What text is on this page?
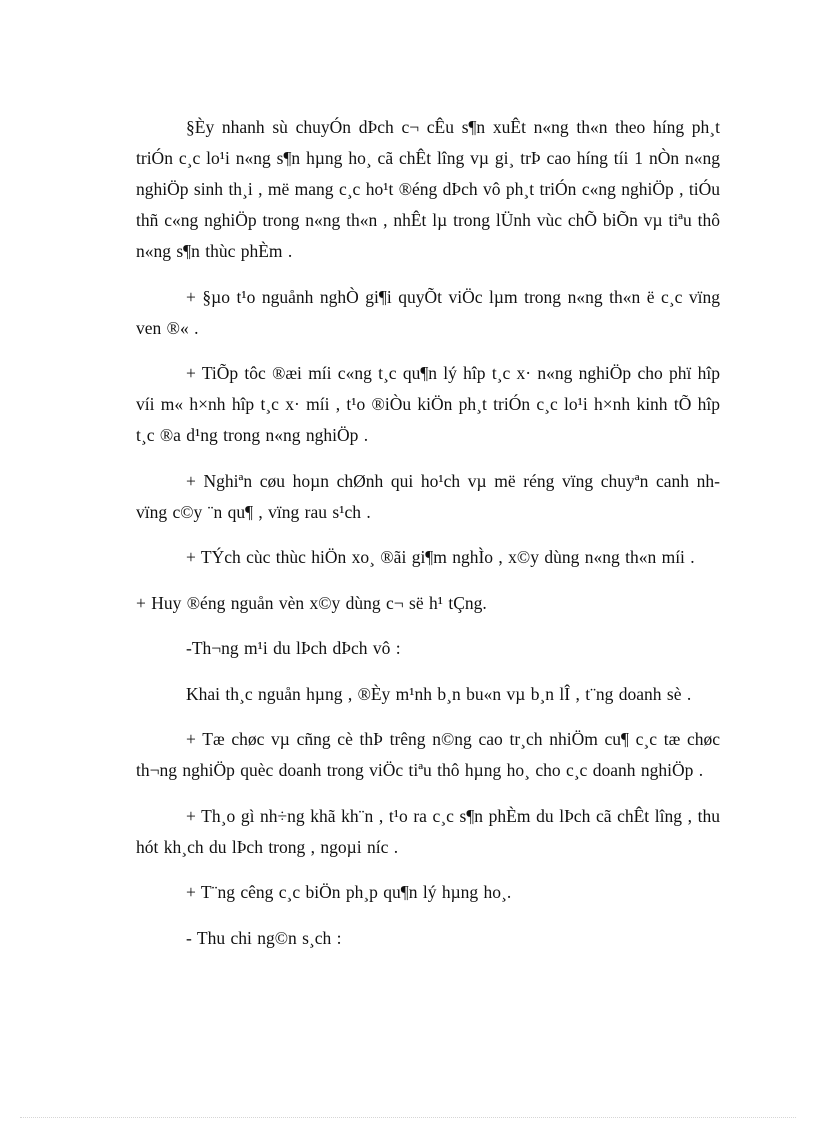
§Èy nhanh sù chuyÓn dÞch c¬ cÊu s¶n xuÊt n«ng th«n theo híng ph¸t triÓn c¸c lo¹i n«ng s¶n hµng ho¸ cã chÊt lîng vµ gi¸ trÞ cao híng tíi 1 nÒn n«ng nghiÖp sinh th¸i , më mang c¸c ho¹t ®éng dÞch vô ph¸t triÓn c«ng nghiÖp , tiÓu thñ c«ng nghiÖp trong n«ng th«n , nhÊt lµ trong lÜnh vùc chÕ biÕn vµ tiªu thô n«ng s¶n thùc phÈm .

+ §µo t¹o nguånh nghÒ gi¶i quyÕt viÖc lµm trong n«ng th«n ë c¸c vïng ven ®« .

+ TiÕp tôc ®æi míi c«ng t¸c qu¶n lý hîp t¸c x· n«ng nghiÖp cho phï hîp víi m« h×nh hîp t¸c x· míi , t¹o ®iÒu kiÖn ph¸t triÓn c¸c lo¹i h×nh kinh tÕ hîp t¸c ®a d¹ng trong n«ng nghiÖp .

+ Nghiªn cøu hoµn chØnh qui ho¹ch vµ më réng vïng chuyªn canh nh vïng c©y ¨n qu¶ , vïng rau s¹ch .

+ TÝch cùc thùc hiÖn xo¸ ®ãi gi¶m nghÌo , x©y dùng n«ng th«n míi .

+ Huy ®éng nguån vèn x©y dùng c¬ së h¹ tÇng.

-Th¬ng m¹i du lÞch dÞch vô :

Khai th¸c nguån hµng , ®Èy m¹nh b¸n bu«n vµ b¸n lÎ , t¨ng doanh sè .

+ Tæ chøc vµ cñng cè thÞ trêng n©ng cao tr¸ch nhiÖm cu¶ c¸c tæ chøc th¬ng nghiÖp quèc doanh trong viÖc tiªu thô hµng ho¸ cho c¸c doanh nghiÖp .

+ Th¸o gì nh÷ng khã kh¨n , t¹o ra c¸c s¶n phÈm du lÞch cã chÊt lîng , thu hót kh¸ch du lÞch trong , ngoµi níc .

+ T¨ng cêng c¸c biÖn ph¸p qu¶n lý hµng ho¸.

- Thu chi ng©n s¸ch :
